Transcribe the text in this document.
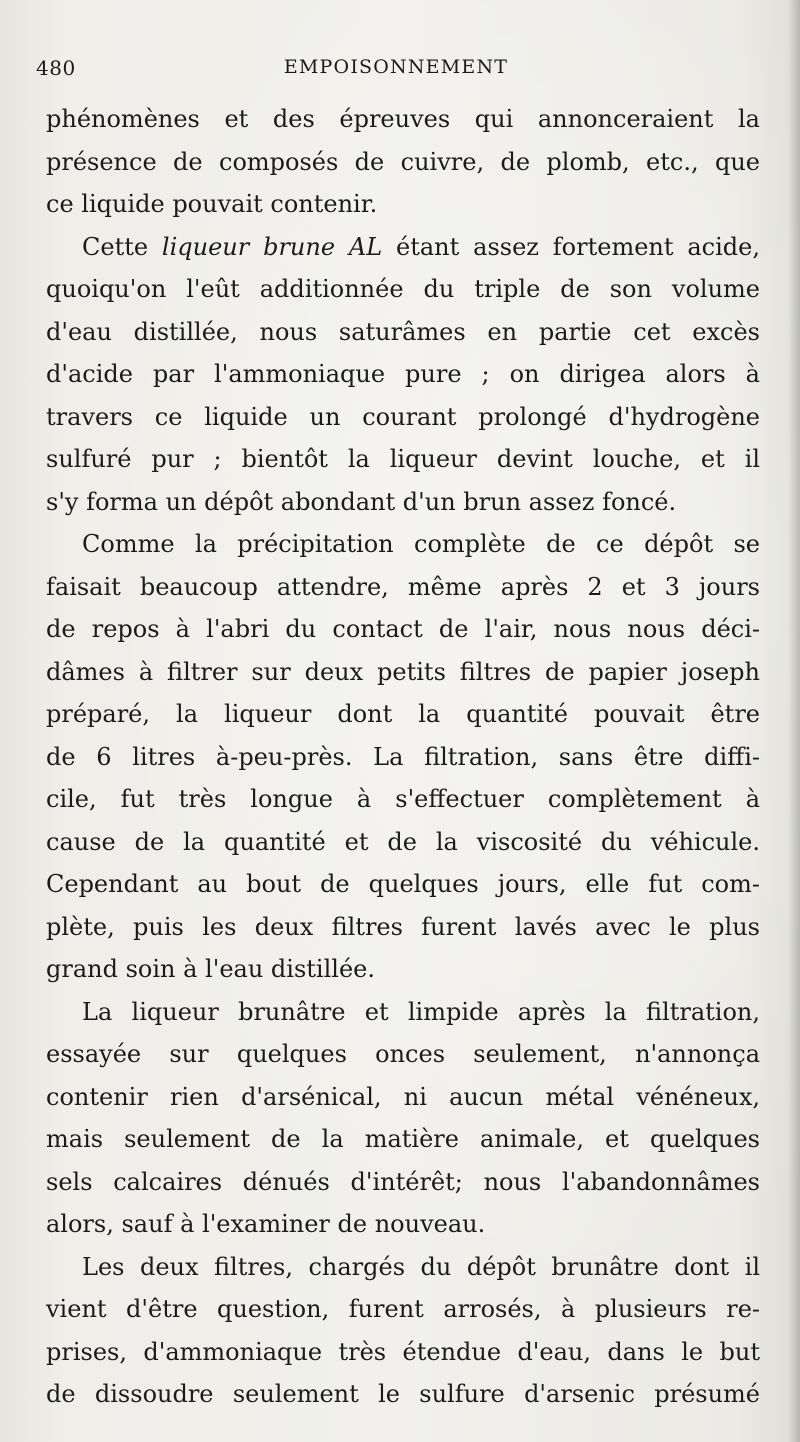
480	EMPOISONNEMENT
phénomènes et des épreuves qui annonceraient la
présence de composés de cuivre, de plomb, etc., que
ce liquide pouvait contenir.
Cette liqueur brune AL étant assez fortement acide,
quoiqu'on l'eût additionnée du triple de son volume
d'eau distillée, nous saturâmes en partie cet excès
d'acide par l'ammoniaque pure ; on dirigea alors à
travers ce liquide un courant prolongé d'hydrogène
sulfuré pur ; bientôt la liqueur devint louche, et il
s'y forma un dépôt abondant d'un brun assez foncé.
Comme la précipitation complète de ce dépôt se
faisait beaucoup attendre, même après 2 et 3 jours
de repos à l'abri du contact de l'air, nous nous déci-
dâmes à filtrer sur deux petits filtres de papier joseph
préparé, la liqueur dont la quantité pouvait être
de 6 litres à-peu-près. La filtration, sans être diffi-
cile, fut très longue à s'effectuer complètement à
cause de la quantité et de la viscosité du véhicule.
Cependant au bout de quelques jours, elle fut com-
plète, puis les deux filtres furent lavés avec le plus
grand soin à l'eau distillée.
La liqueur brunâtre et limpide après la filtration,
essayée sur quelques onces seulement, n'annonça
contenir rien d'arsénical, ni aucun métal vénéneux,
mais seulement de la matière animale, et quelques
sels calcaires dénués d'intérêt; nous l'abandonnâmes
alors, sauf à l'examiner de nouveau.
Les deux filtres, chargés du dépôt brunâtre dont il
vient d'être question, furent arrosés, à plusieurs re-
prises, d'ammoniaque très étendue d'eau, dans le but
de dissoudre seulement le sulfure d'arsenic présumé
